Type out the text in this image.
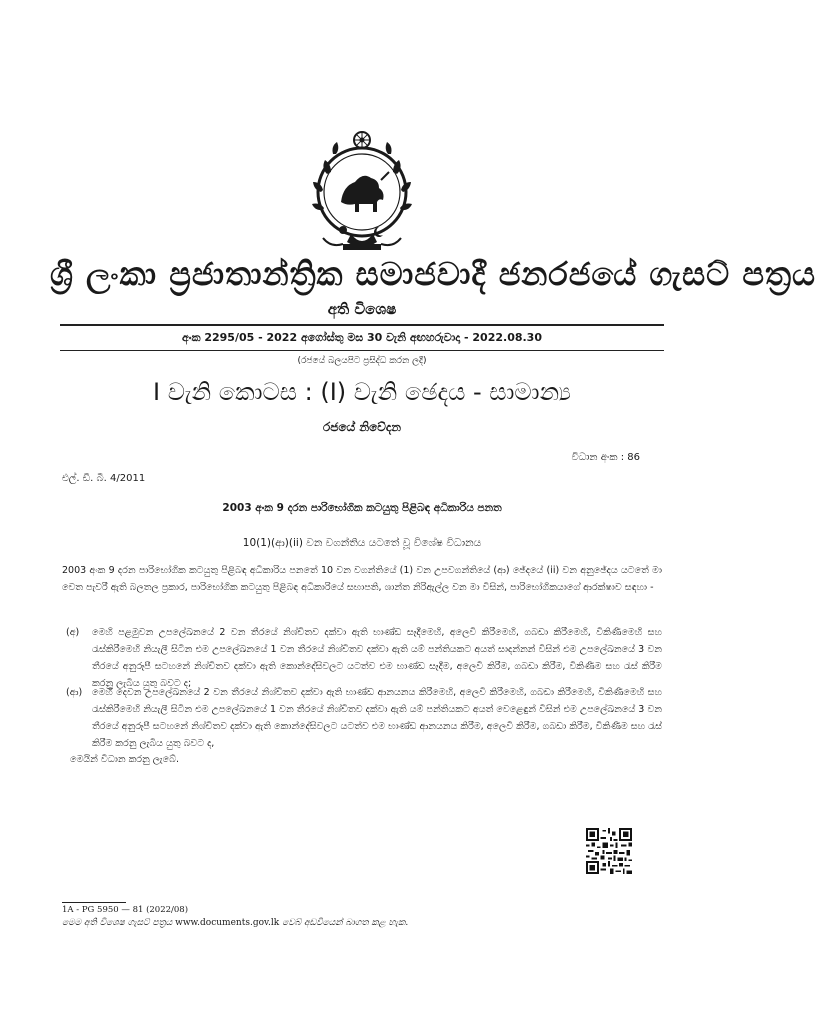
ශ්‍රී ලංකා ප්‍රජාතාන්ත්‍රික සමාජවාදී ජනරජයේ ගැසට් පත්‍රය
අති විශෙෂ
අංක 2295/05 - 2022 අගෝස්තු මස 30 වැනි අඟහරුවාදා - 2022.08.30
(රජයේ බලයපිට ප්‍රසිද්ධ කරන ලදී)
I වැනි කොටස : (I) වැනි ඡෙදය - සාමාන්‍ය
රජයේ නිවේදන
විධාන අංක : 86
එල්. ඩී. බී. 4/2011
2003 අංක 9 දරන පාරිභෝගික කටයුතු පිළිබඳ අධිකාරිය පනත
10(1)(ආ)(ii) වන වගන්තිය යටතේ වූ විශේෂ විධානය
2003 අංක 9 දරන පාරිභෝගික කටයුතු පිළිබඳ අධිකාරිය පනතේ 10 වන වගන්තියේ (1) වන උපවගන්තියේ (ආ) ඡේදයේ (ii) වන අනුඡේදය යටතේ මා වෙත පැවරී ඇති බලතල ප්‍රකාර, පාරිභෝගික කටයුතු පිළිබඳ අධිකාරියේ සභාපති, ශාන්ත නිරිඇල්ල වන මා විසින්, පාරිභෝගිකයාගේ ආරක්ෂාව සඳහා -
(අ) මෙහි පළමුවන උපලේඛනයේ 2 වන තීරයේ නිශ්චිතව දක්වා ඇති භාණ්ඩ සෑදීමෙහි, අලෙවි කිරීමෙහි, ගබඩා කිරීමෙහි, විකිණීමෙහි සහ රැස්කිරීමෙහි නියැලී සිටින එම උපලේඛනයේ 1 වන තීරයේ නිශ්චිතව දක්වා ඇති යම් පන්තියකට අයත් සාදන්නන් විසින් එම උපලේඛනයේ 3 වන තීරයේ අනුරූපී සටහනේ නිශ්චිතව දක්වා ඇති කොන්දේසිවලට යටත්ව එම භාණ්ඩ සෑදීම, අලෙවි කිරීම, ගබඩා කිරීම, විකිණීම සහ රැස් කිරීම කරනු ලැබිය යුතු බවට ද;
(ආ) මෙහි දෙවන උපලේඛනයේ 2 වන තීරයේ නිශ්චිතව දක්වා ඇති භාණ්ඩ ආනයනය කිරීමෙහි, අලෙවි කිරීමෙහි, ගබඩා කිරීමෙහි, විකිණීමෙහි සහ රැස්කිරීමෙහි නියැලී සිටින එම උපලේඛනයේ 1 වන තීරයේ නිශ්චිතව දක්වා ඇති යම් පන්තියකට අයත් වෙළෙඳුන් විසින් එම උපලේඛනයේ 3 වන තීරයේ අනුරූපී සටහනේ නිශ්චිතව දක්වා ඇති කොන්දේසිවලට යටත්ව එම භාණ්ඩ ආනයනය කිරීම, අලෙවි කිරීම, ගබඩා කිරීම, විකිණීම සහ රැස් කිරීම කරනු ලැබිය යුතු බවට ද,
මෙයින් විධාන කරනු ලැබේ.
1A - PG 5950 — 81 (2022/08)
මෙම අති විශෙෂ ගැසට් පත්‍රය www.documents.gov.lk වෙබ් අඩවියෙන් බාගත කළ හැක.
